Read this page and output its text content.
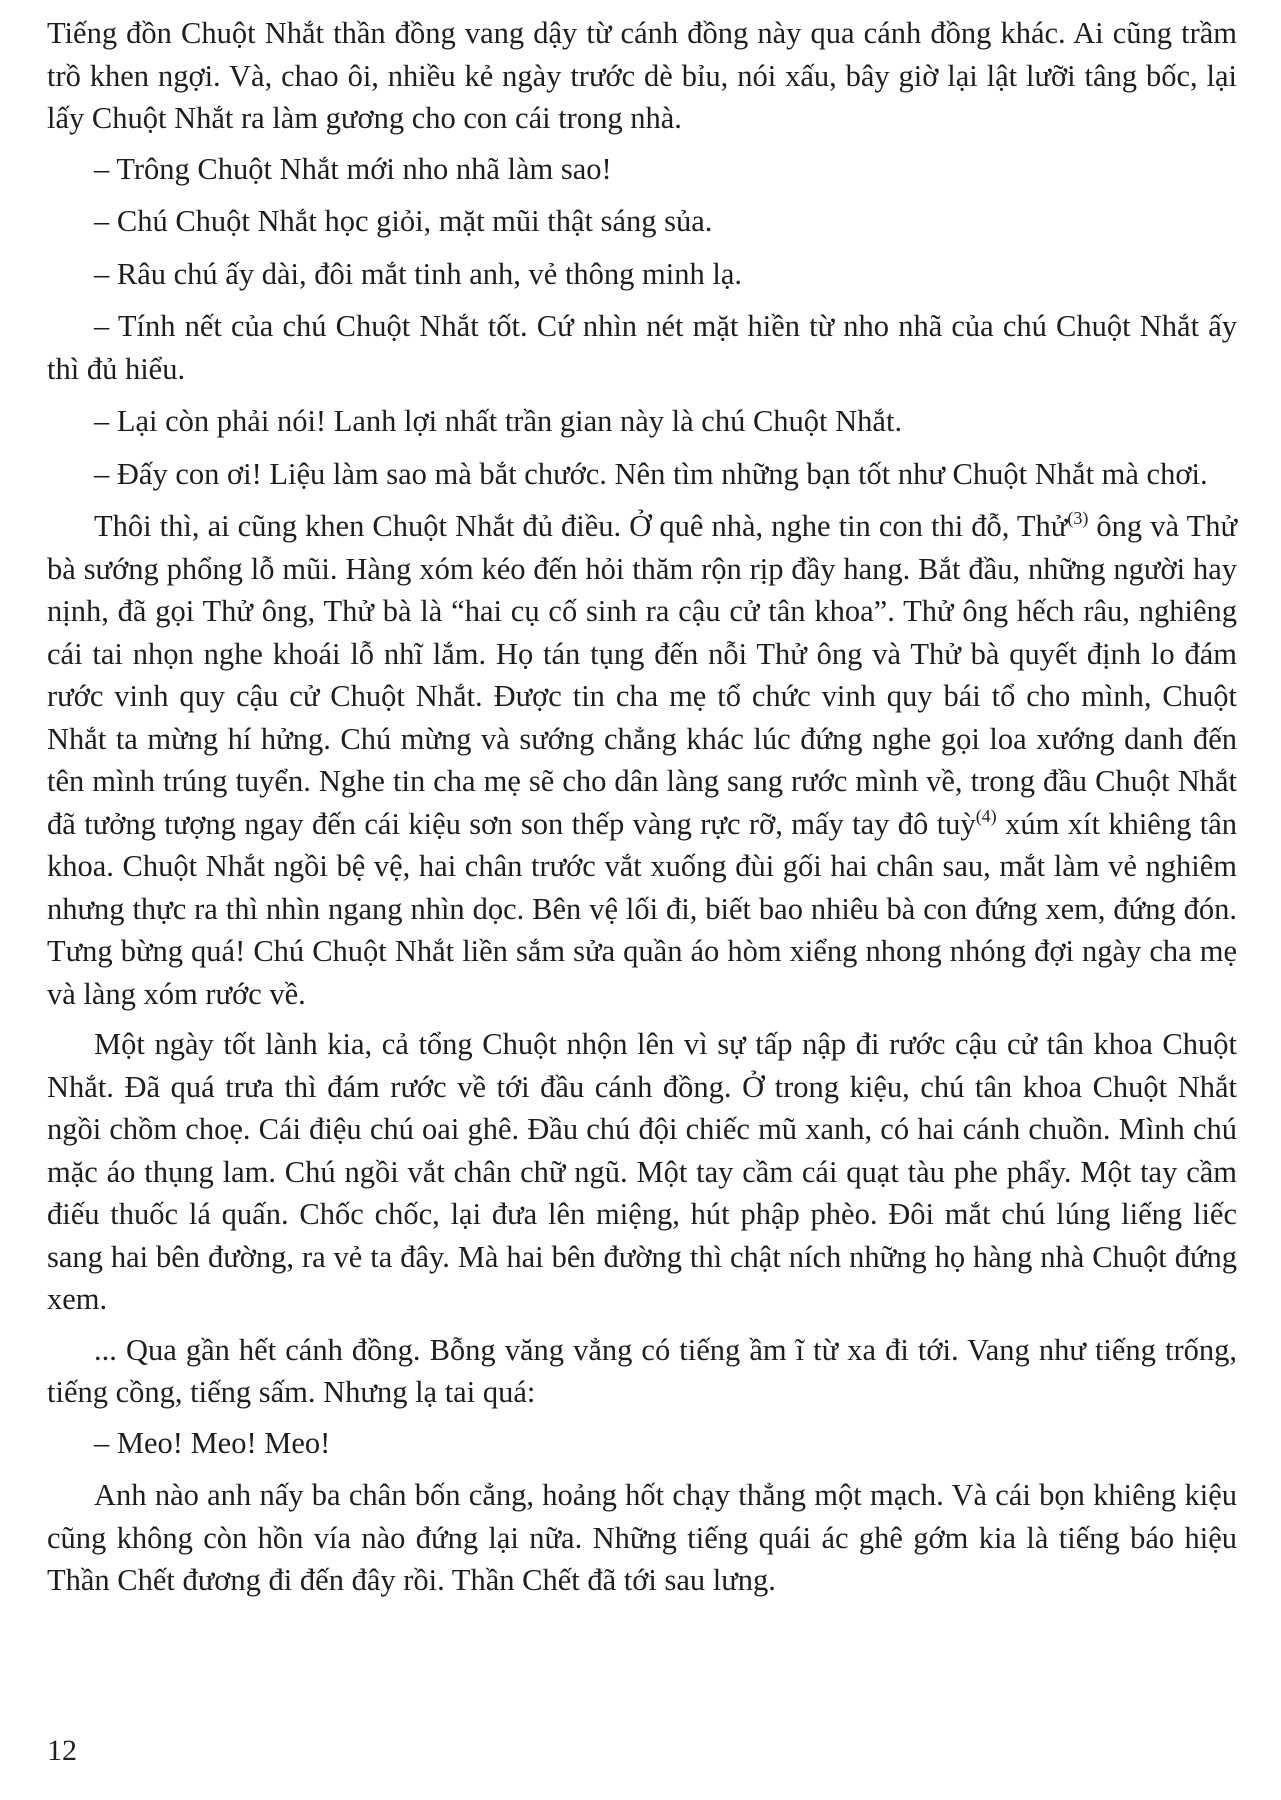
Tiếng đồn Chuột Nhắt thần đồng vang dậy từ cánh đồng này qua cánh đồng khác. Ai cũng trầm trồ khen ngợi. Và, chao ôi, nhiều kẻ ngày trước dè bỉu, nói xấu, bây giờ lại lật lưỡi tâng bốc, lại lấy Chuột Nhắt ra làm gương cho con cái trong nhà.

– Trông Chuột Nhắt mới nho nhã làm sao!

– Chú Chuột Nhắt học giỏi, mặt mũi thật sáng sủa.

– Râu chú ấy dài, đôi mắt tinh anh, vẻ thông minh lạ.

– Tính nết của chú Chuột Nhắt tốt. Cứ nhìn nét mặt hiền từ nho nhã của chú Chuột Nhắt ấy thì đủ hiểu.

– Lại còn phải nói! Lanh lợi nhất trần gian này là chú Chuột Nhắt.

– Đấy con ơi! Liệu làm sao mà bắt chước. Nên tìm những bạn tốt như Chuột Nhắt mà chơi.

Thôi thì, ai cũng khen Chuột Nhắt đủ điều. Ở quê nhà, nghe tin con thi đỗ, Thử$^{(3)}$ ông và Thử bà sướng phổng lỗ mũi. Hàng xóm kéo đến hỏi thăm rộn rịp đầy hang. Bắt đầu, những người hay nịnh, đã gọi Thử ông, Thử bà là “hai cụ cố sinh ra cậu cử tân khoa”. Thử ông hếch râu, nghiêng cái tai nhọn nghe khoái lỗ nhĩ lắm. Họ tán tụng đến nỗi Thử ông và Thử bà quyết định lo đám rước vinh quy cậu cử Chuột Nhắt. Được tin cha mẹ tổ chức vinh quy bái tổ cho mình, Chuột Nhắt ta mừng hí hửng. Chú mừng và sướng chẳng khác lúc đứng nghe gọi loa xướng danh đến tên mình trúng tuyển. Nghe tin cha mẹ sẽ cho dân làng sang rước mình về, trong đầu Chuột Nhắt đã tưởng tượng ngay đến cái kiệu sơn son thếp vàng rực rỡ, mấy tay đô tuỳ$^{(4)}$ xúm xít khiêng tân khoa. Chuột Nhắt ngồi bệ vệ, hai chân trước vắt xuống đùi gối hai chân sau, mắt làm vẻ nghiêm nhưng thực ra thì nhìn ngang nhìn dọc. Bên vệ lối đi, biết bao nhiêu bà con đứng xem, đứng đón. Tưng bừng quá! Chú Chuột Nhắt liền sắm sửa quần áo hòm xiểng nhong nhóng đợi ngày cha mẹ và làng xóm rước về.

Một ngày tốt lành kia, cả tổng Chuột nhộn lên vì sự tấp nập đi rước cậu cử tân khoa Chuột Nhắt. Đã quá trưa thì đám rước về tới đầu cánh đồng. Ở trong kiệu, chú tân khoa Chuột Nhắt ngồi chồm choẹ. Cái điệu chú oai ghê. Đầu chú đội chiếc mũ xanh, có hai cánh chuồn. Mình chú mặc áo thụng lam. Chú ngồi vắt chân chữ ngũ. Một tay cầm cái quạt tàu phe phẩy. Một tay cầm điếu thuốc lá quấn. Chốc chốc, lại đưa lên miệng, hút phập phèo. Đôi mắt chú lúng liếng liếc sang hai bên đường, ra vẻ ta đây. Mà hai bên đường thì chật ních những họ hàng nhà Chuột đứng xem.

... Qua gần hết cánh đồng. Bỗng văng vẳng có tiếng ầm ĩ từ xa đi tới. Vang như tiếng trống, tiếng cồng, tiếng sấm. Nhưng lạ tai quá:

– Meo! Meo! Meo!

Anh nào anh nấy ba chân bốn cẳng, hoảng hốt chạy thẳng một mạch. Và cái bọn khiêng kiệu cũng không còn hồn vía nào đứng lại nữa. Những tiếng quái ác ghê gớm kia là tiếng báo hiệu Thần Chết đương đi đến đây rồi. Thần Chết đã tới sau lưng.

12
